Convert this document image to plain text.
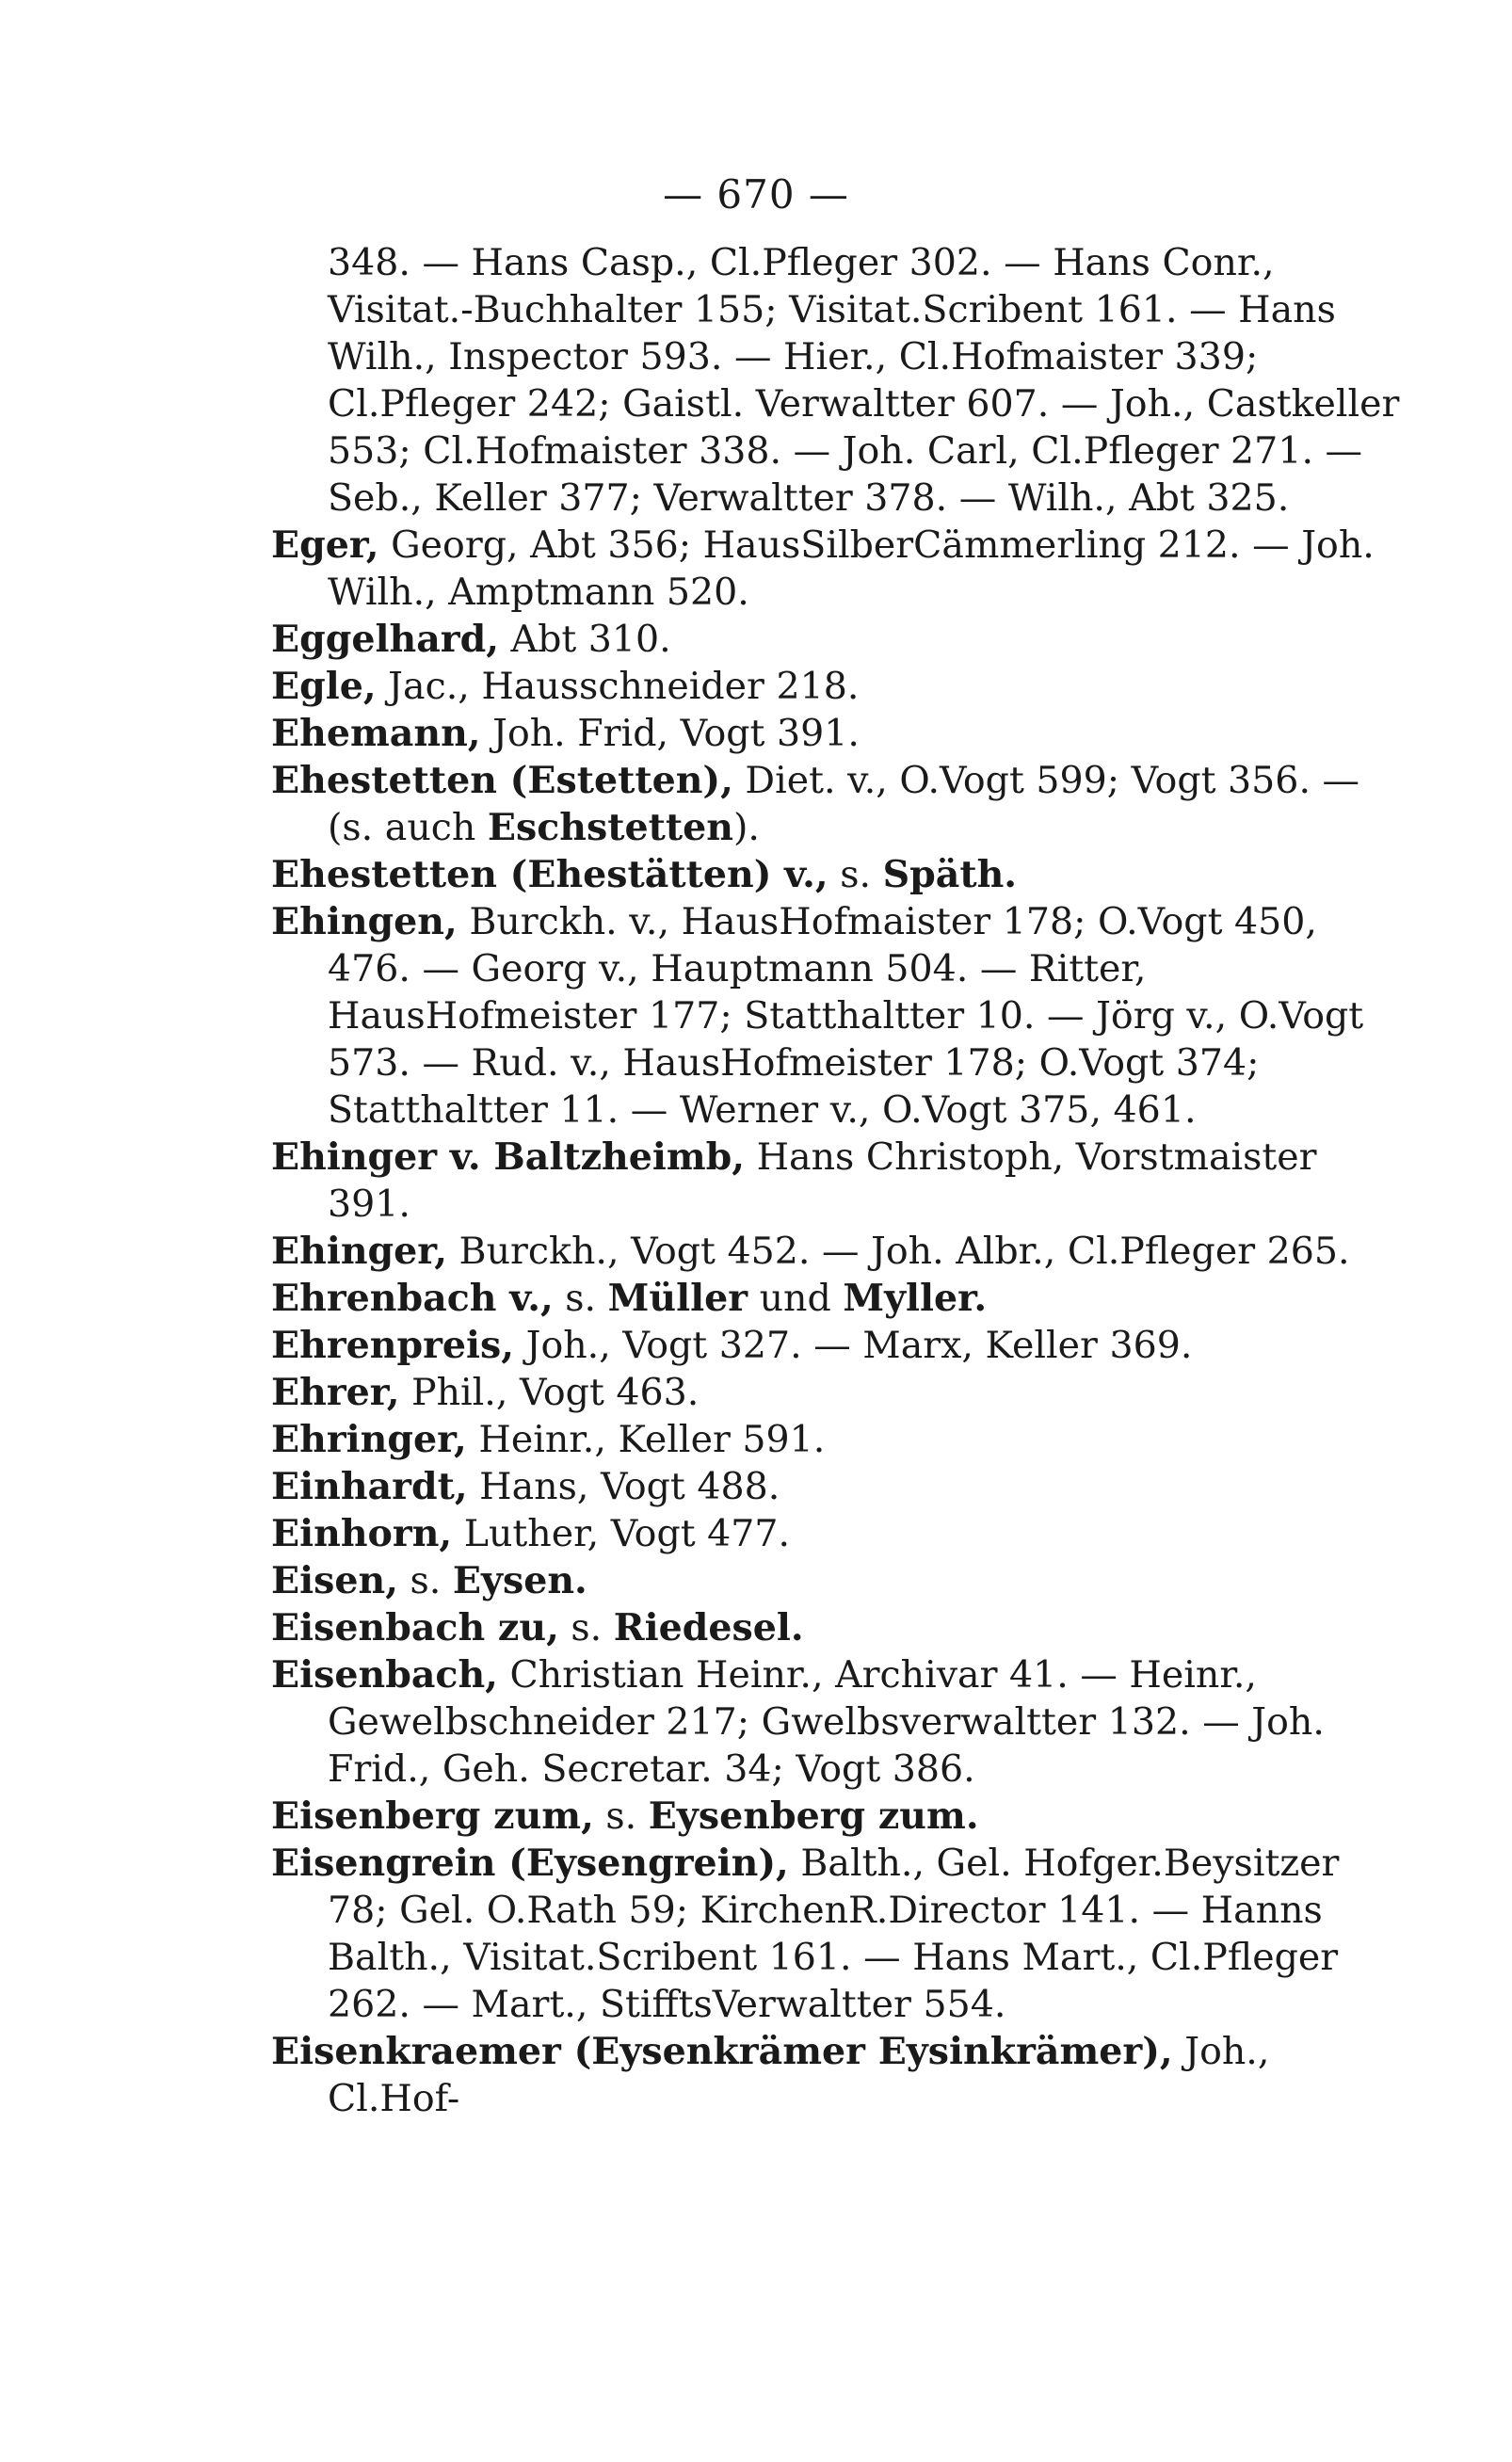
— 670 —

348. — Hans Casp., Cl.Pfleger 302. — Hans Conr., Visitat.-Buchhalter 155; Visitat.Scribent 161. — Hans Wilh., Inspector 593. — Hier., Cl.Hofmaister 339; Cl.Pfleger 242; Gaistl. Verwaltter 607. — Joh., Castkeller 553; Cl.Hofmaister 338. — Joh. Carl, Cl.Pfleger 271. — Seb., Keller 377; Verwaltter 378. — Wilh., Abt 325.

Eger, Georg, Abt 356; HausSilberCämmerling 212. — Joh. Wilh., Amptmann 520.

Eggelhard, Abt 310.

Egle, Jac., Hausschneider 218.

Ehemann, Joh. Frid, Vogt 391.

Ehestetten (Estetten), Diet. v., O.Vogt 599; Vogt 356. — (s. auch Eschstetten).

Ehestetten (Ehestätten) v., s. Späth.

Ehingen, Burckh. v., HausHofmaister 178; O.Vogt 450, 476. — Georg v., Hauptmann 504. — Ritter, HausHofmeister 177; Statthaltter 10. — Jörg v., O.Vogt 573. — Rud. v., HausHofmeister 178; O.Vogt 374; Statthaltter 11. — Werner v., O.Vogt 375, 461.

Ehinger v. Baltzheimb, Hans Christoph, Vorstmaister 391.

Ehinger, Burckh., Vogt 452. — Joh. Albr., Cl.Pfleger 265.

Ehrenbach v., s. Müller und Myller.

Ehrenpreis, Joh., Vogt 327. — Marx, Keller 369.

Ehrer, Phil., Vogt 463.

Ehringer, Heinr., Keller 591.

Einhardt, Hans, Vogt 488.

Einhorn, Luther, Vogt 477.

Eisen, s. Eysen.

Eisenbach zu, s. Riedesel.

Eisenbach, Christian Heinr., Archivar 41. — Heinr., Gewelbschneider 217; Gwelbsverwaltter 132. — Joh. Frid., Geh. Secretar. 34; Vogt 386.

Eisenberg zum, s. Eysenberg zum.

Eisengrein (Eysengrein), Balth., Gel. Hofger.Beysitzer 78; Gel. O.Rath 59; KirchenR.Director 141. — Hanns Balth., Visitat.Scribent 161. — Hans Mart., Cl.Pfleger 262. — Mart., StifftsVerwaltter 554.

Eisenkraemer (Eysenkrämer Eysinkrämer), Joh., Cl.Hof-
